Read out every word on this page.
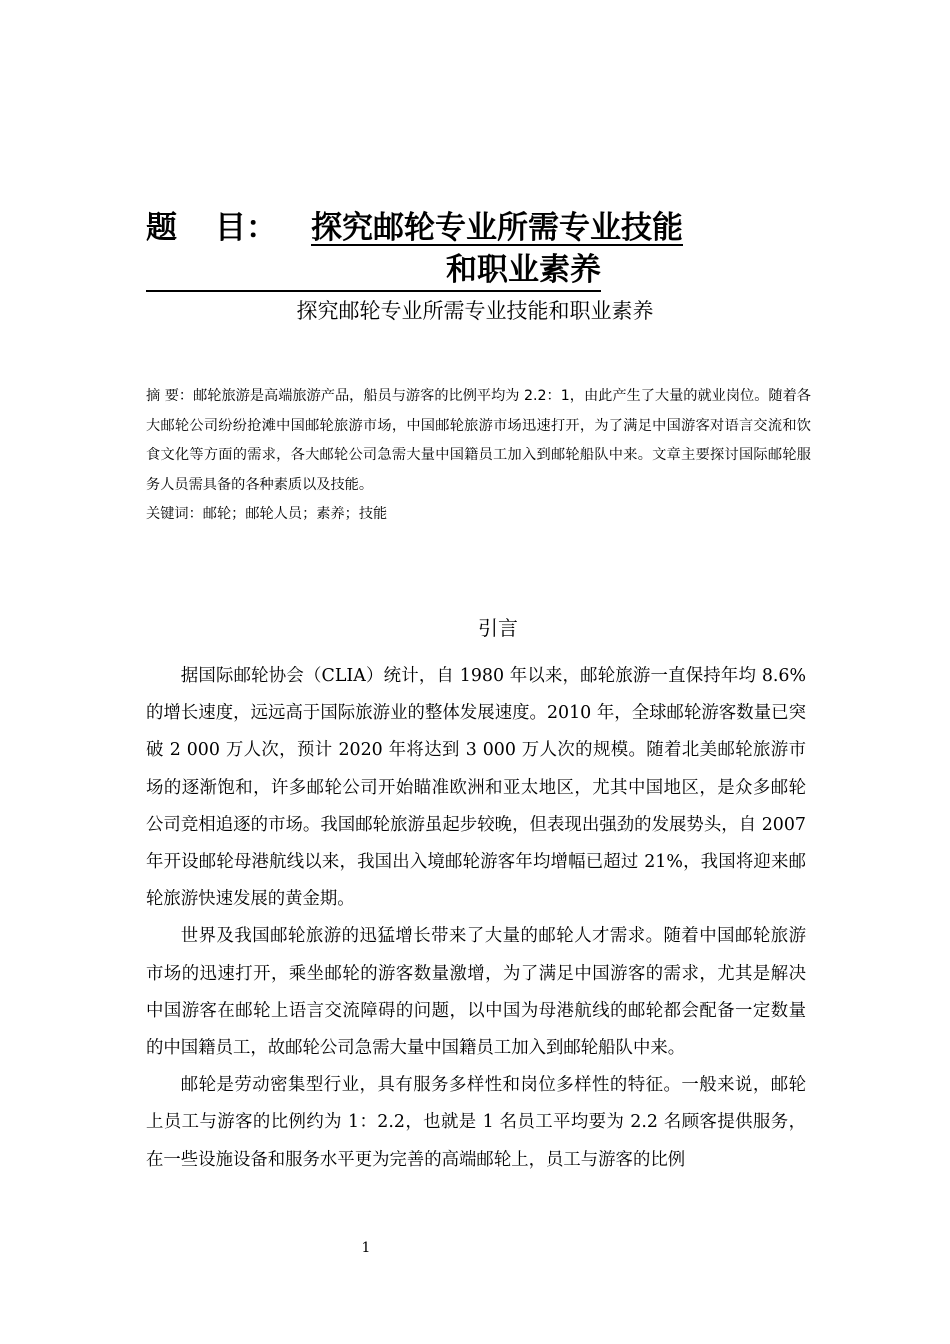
题 目： 探究邮轮专业所需专业技能
和职业素养
探究邮轮专业所需专业技能和职业素养

摘 要：邮轮旅游是高端旅游产品，船员与游客的比例平均为 2.2：1，由此产生了大量的就业岗位。随着各大邮轮公司纷纷抢滩中国邮轮旅游市场，中国邮轮旅游市场迅速打开，为了满足中国游客对语言交流和饮食文化等方面的需求，各大邮轮公司急需大量中国籍员工加入到邮轮船队中来。文章主要探讨国际邮轮服务人员需具备的各种素质以及技能。

关键词：邮轮；邮轮人员；素养；技能

引言

据国际邮轮协会（CLIA）统计，自 1980 年以来，邮轮旅游一直保持年均 8.6%的增长速度，远远高于国际旅游业的整体发展速度。2010 年，全球邮轮游客数量已突破 2 000 万人次，预计 2020 年将达到 3 000 万人次的规模。随着北美邮轮旅游市场的逐渐饱和，许多邮轮公司开始瞄准欧洲和亚太地区，尤其中国地区，是众多邮轮公司竞相追逐的市场。我国邮轮旅游虽起步较晚，但表现出强劲的发展势头，自 2007 年开设邮轮母港航线以来，我国出入境邮轮游客年均增幅已超过 21%，我国将迎来邮轮旅游快速发展的黄金期。

世界及我国邮轮旅游的迅猛增长带来了大量的邮轮人才需求。随着中国邮轮旅游市场的迅速打开，乘坐邮轮的游客数量激增，为了满足中国游客的需求，尤其是解决中国游客在邮轮上语言交流障碍的问题，以中国为母港航线的邮轮都会配备一定数量的中国籍员工，故邮轮公司急需大量中国籍员工加入到邮轮船队中来。

邮轮是劳动密集型行业，具有服务多样性和岗位多样性的特征。一般来说，邮轮上员工与游客的比例约为 1：2.2，也就是 1 名员工平均要为 2.2 名顾客提供服务，在一些设施设备和服务水平更为完善的高端邮轮上，员工与游客的比例

1
